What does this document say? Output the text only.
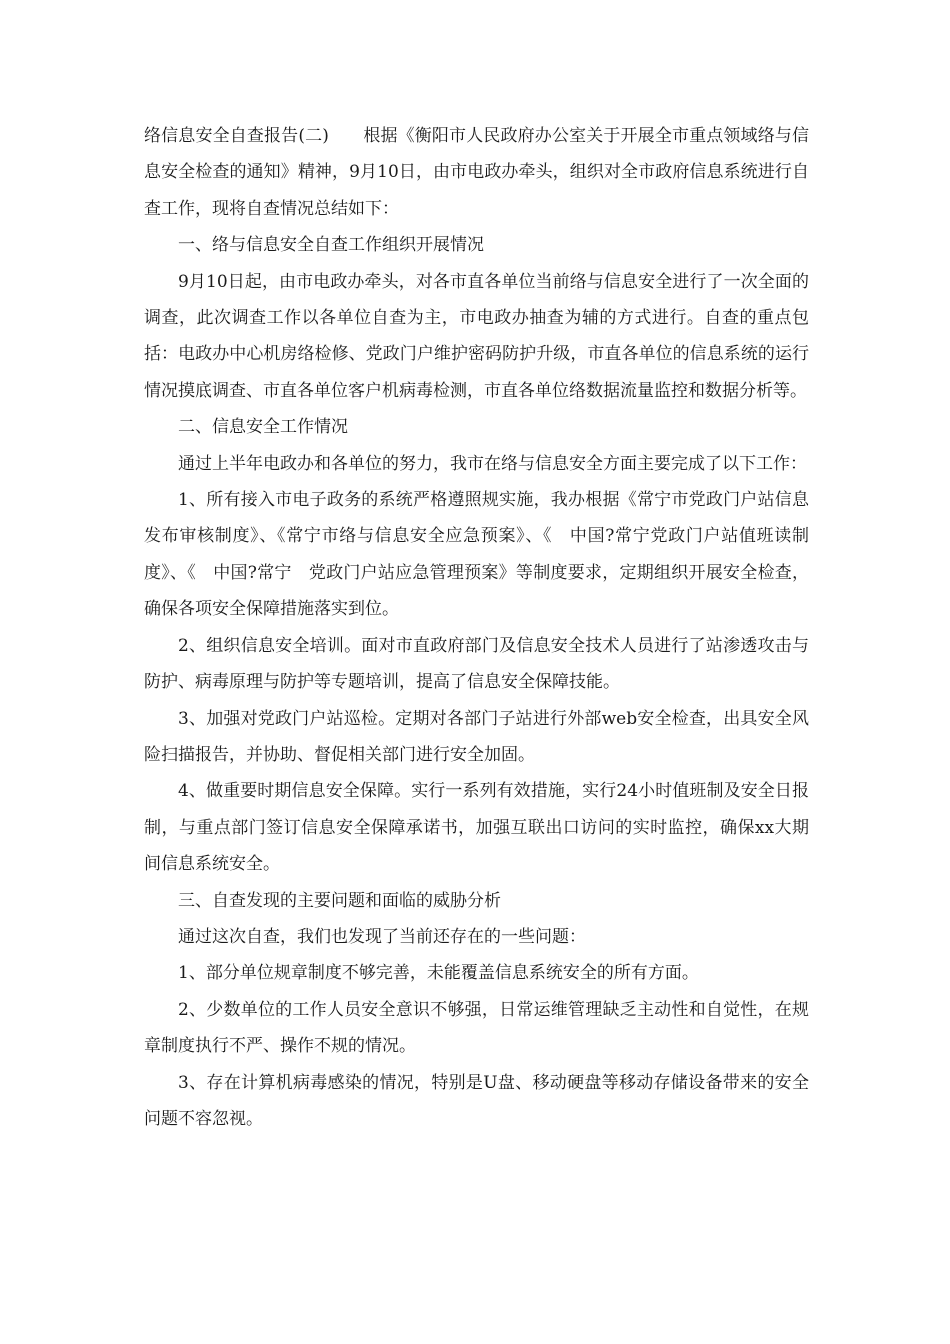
络信息安全自查报告(二)　　根据《衡阳市人民政府办公室关于开展全市重点领域络与信息安全检查的通知》精神，9月10日，由市电政办牵头，组织对全市政府信息系统进行自查工作，现将自查情况总结如下：

一、络与信息安全自查工作组织开展情况

9月10日起，由市电政办牵头，对各市直各单位当前络与信息安全进行了一次全面的调查，此次调查工作以各单位自查为主，市电政办抽查为辅的方式进行。自查的重点包括：电政办中心机房络检修、党政门户维护密码防护升级，市直各单位的信息系统的运行情况摸底调查、市直各单位客户机病毒检测，市直各单位络数据流量监控和数据分析等。

二、信息安全工作情况

通过上半年电政办和各单位的努力，我市在络与信息安全方面主要完成了以下工作：

1、所有接入市电子政务的系统严格遵照规实施，我办根据《常宁市党政门户站信息发布审核制度》、《常宁市络与信息安全应急预案》、《　中国?常宁党政门户站值班读制度》、《　中国?常宁　党政门户站应急管理预案》等制度要求，定期组织开展安全检查，确保各项安全保障措施落实到位。

2、组织信息安全培训。面对市直政府部门及信息安全技术人员进行了站渗透攻击与防护、病毒原理与防护等专题培训，提高了信息安全保障技能。

3、加强对党政门户站巡检。定期对各部门子站进行外部web安全检查，出具安全风险扫描报告，并协助、督促相关部门进行安全加固。

4、做重要时期信息安全保障。实行一系列有效措施，实行24小时值班制及安全日报制，与重点部门签订信息安全保障承诺书，加强互联出口访问的实时监控，确保xx大期间信息系统安全。

三、自查发现的主要问题和面临的威胁分析

通过这次自查，我们也发现了当前还存在的一些问题：

1、部分单位规章制度不够完善，未能覆盖信息系统安全的所有方面。

2、少数单位的工作人员安全意识不够强，日常运维管理缺乏主动性和自觉性，在规章制度执行不严、操作不规的情况。

3、存在计算机病毒感染的情况，特别是U盘、移动硬盘等移动存储设备带来的安全问题不容忽视。
